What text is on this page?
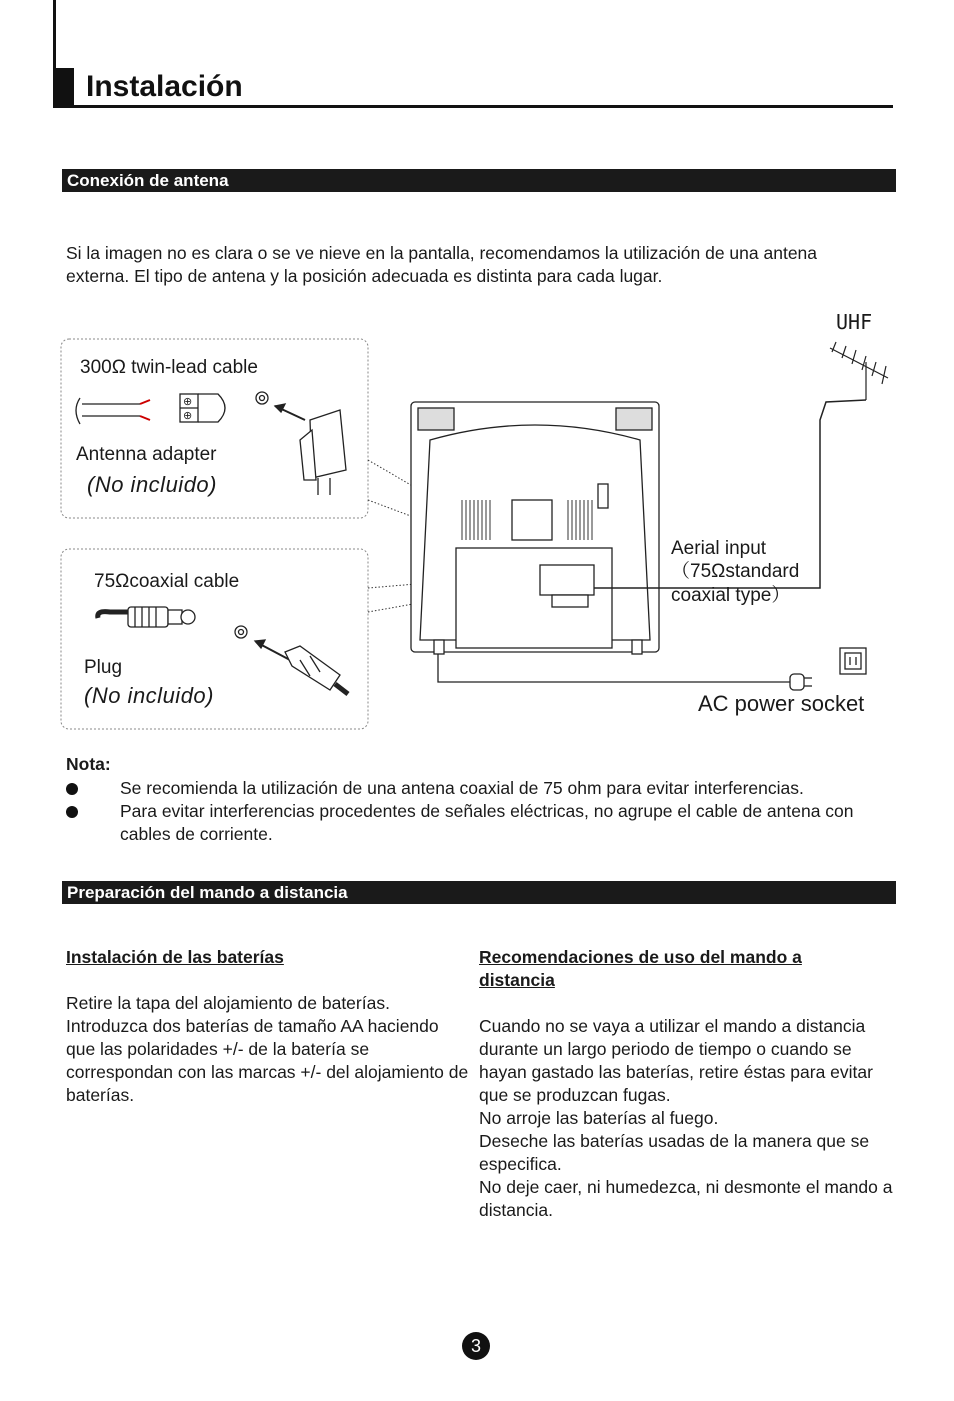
Instalación
Conexión de antena
Si la imagen no es clara o se ve nieve en la pantalla, recomendamos la utilización de una antena externa. El tipo de antena y la posición adecuada es distinta para cada lugar.
⊕
⊕
300Ω twin-lead cable
Antenna adapter
(No incluido)
75Ωcoaxial cable
Plug
(No incluido)
UHF
Aerial input
（75Ωstandard
coaxial type）
AC power socket
Nota:
Se recomienda la utilización de una antena coaxial de 75 ohm para evitar interferencias.
Para evitar interferencias procedentes de señales eléctricas, no agrupe el cable de antena con cables de corriente.
Preparación del mando a distancia
Instalación de las baterías
Retire la tapa del alojamiento de baterías.
Introduzca dos baterías de tamaño AA haciendo que las polaridades +/- de la batería se correspondan con las marcas +/- del alojamiento de baterías.
Recomendaciones de uso del mando a distancia
Cuando no se vaya a utilizar el mando a distancia durante un largo periodo de tiempo o cuando se hayan gastado las baterías, retire éstas para evitar que se produzcan fugas.
No arroje las baterías al fuego.
Deseche las baterías usadas de la manera que se especifica.
No deje caer, ni humedezca, ni desmonte el mando a distancia.
3
